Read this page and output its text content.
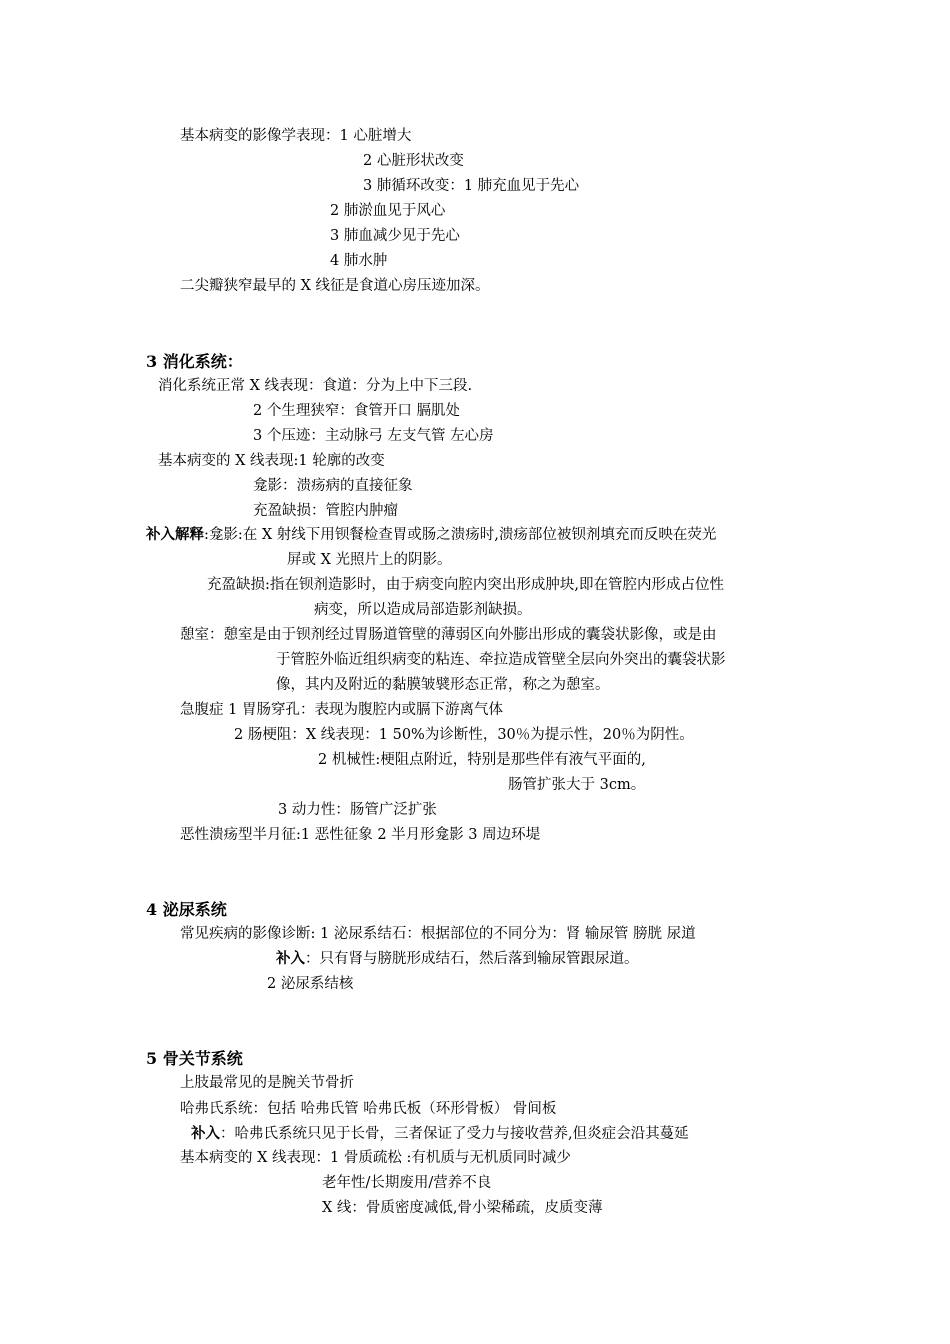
基本病变的影像学表现：1 心脏增大
2 心脏形状改变
3 肺循环改变：1 肺充血见于先心
2 肺淤血见于风心
3 肺血减少见于先心
4 肺水肿
二尖瓣狭窄最早的 X 线征是食道心房压迹加深。
3 消化系统：
消化系统正常 X 线表现：食道：分为上中下三段.
2 个生理狭窄：食管开口 膈肌处
3 个压迹：主动脉弓 左支气管 左心房
基本病变的 X 线表现:1 轮廓的改变
龛影：溃疡病的直接征象
充盈缺损：管腔内肿瘤
补入解释:龛影:在 X 射线下用钡餐检查胃或肠之溃疡时,溃疡部位被钡剂填充而反映在荧光
屏或 X 光照片上的阴影。
充盈缺损:指在钡剂造影时，由于病变向腔内突出形成肿块,即在管腔内形成占位性
病变，所以造成局部造影剂缺损。
憩室：憩室是由于钡剂经过胃肠道管壁的薄弱区向外膨出形成的囊袋状影像，或是由
于管腔外临近组织病变的粘连、牵拉造成管壁全层向外突出的囊袋状影
像，其内及附近的黏膜皱襞形态正常，称之为憩室。
急腹症 1 胃肠穿孔：表现为腹腔内或膈下游离气体
2 肠梗阻：X 线表现：1 50%为诊断性，30％为提示性，20％为阴性。
2 机械性:梗阻点附近，特别是那些伴有液气平面的,
肠管扩张大于 3cm。
3 动力性：肠管广泛扩张
恶性溃疡型半月征:1 恶性征象 2 半月形龛影 3 周边环堤
4 泌尿系统
常见疾病的影像诊断: 1 泌尿系结石：根据部位的不同分为：肾 输尿管 膀胱 尿道
补入：只有肾与膀胱形成结石，然后落到输尿管跟尿道。
2 泌尿系结核
5 骨关节系统
上肢最常见的是腕关节骨折
哈弗氏系统：包括 哈弗氏管 哈弗氏板（环形骨板） 骨间板
补入：哈弗氏系统只见于长骨，三者保证了受力与接收营养,但炎症会沿其蔓延
基本病变的 X 线表现：1 骨质疏松 :有机质与无机质同时减少
老年性/长期废用/营养不良
X 线：骨质密度减低,骨小梁稀疏，皮质变薄
